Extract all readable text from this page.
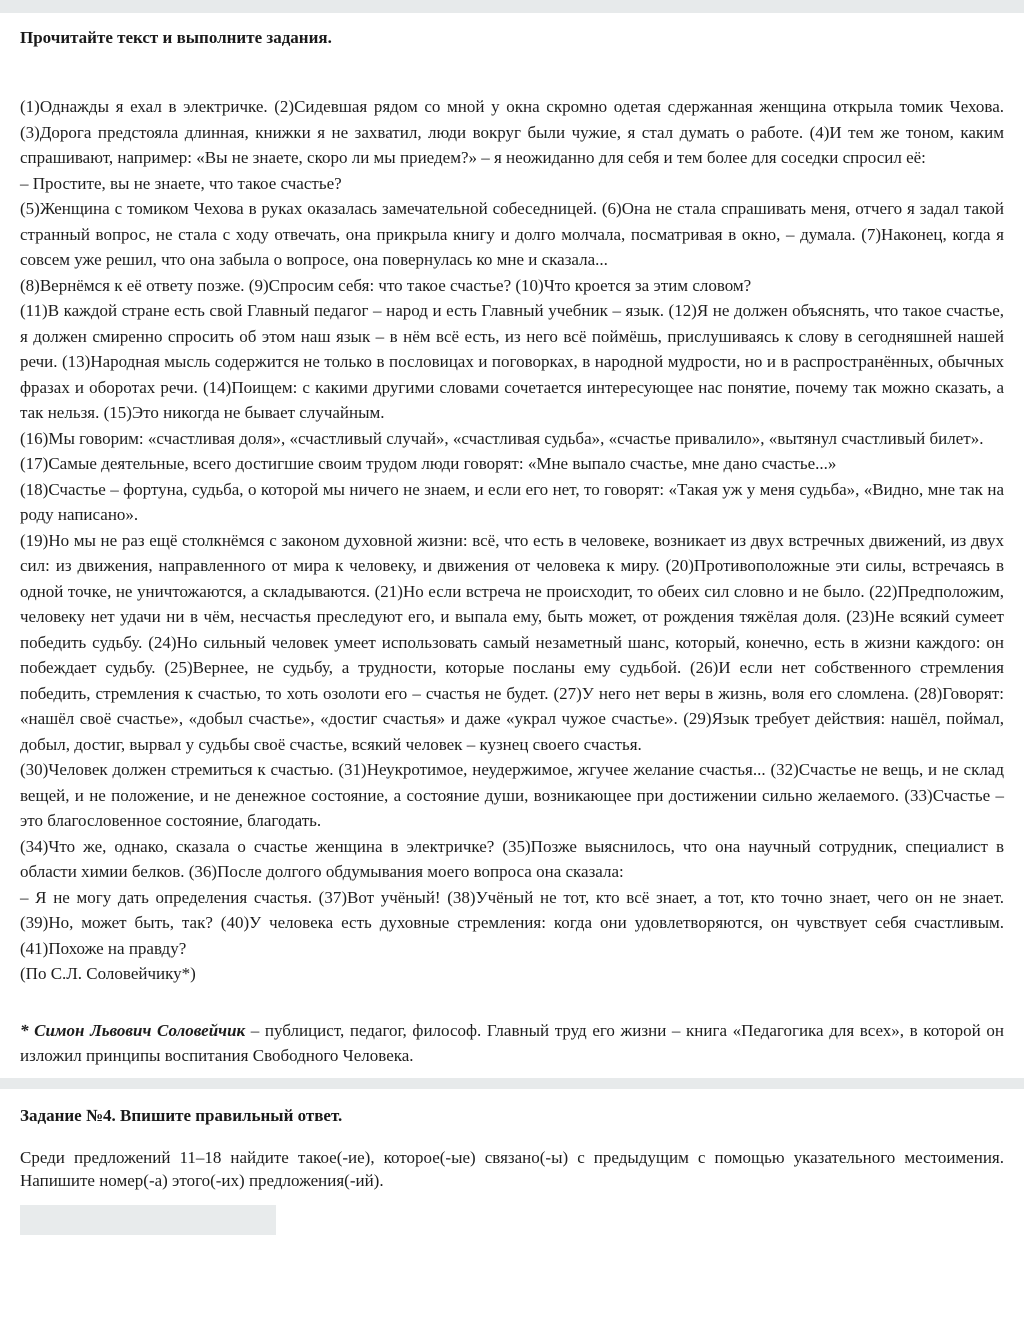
Прочитайте текст и выполните задания.

(1)Однажды я ехал в электричке. (2)Сидевшая рядом со мной у окна скромно одетая сдержанная женщина открыла томик Чехова. (3)Дорога предстояла длинная, книжки я не захватил, люди вокруг были чужие, я стал думать о работе. (4)И тем же тоном, каким спрашивают, например: «Вы не знаете, скоро ли мы приедем?» – я неожиданно для себя и тем более для соседки спросил её:

– Простите, вы не знаете, что такое счастье?

(5)Женщина с томиком Чехова в руках оказалась замечательной собеседницей. (6)Она не стала спрашивать меня, отчего я задал такой странный вопрос, не стала с ходу отвечать, она прикрыла книгу и долго молчала, посматривая в окно, – думала. (7)Наконец, когда я совсем уже решил, что она забыла о вопросе, она повернулась ко мне и сказала...

(8)Вернёмся к её ответу позже. (9)Спросим себя: что такое счастье? (10)Что кроется за этим словом?

(11)В каждой стране есть свой Главный педагог – народ и есть Главный учебник – язык. (12)Я не должен объяснять, что такое счастье, я должен смиренно спросить об этом наш язык – в нём всё есть, из него всё поймёшь, прислушиваясь к слову в сегодняшней нашей речи. (13)Народная мысль содержится не только в пословицах и поговорках, в народной мудрости, но и в распространённых, обычных фразах и оборотах речи. (14)Поищем: с какими другими словами сочетается интересующее нас понятие, почему так можно сказать, а так нельзя. (15)Это никогда не бывает случайным.

(16)Мы говорим: «счастливая доля», «счастливый случай», «счастливая судьба», «счастье привалило», «вытянул счастливый билет».

(17)Самые деятельные, всего достигшие своим трудом люди говорят: «Мне выпало счастье, мне дано счастье...»

(18)Счастье – фортуна, судьба, о которой мы ничего не знаем, и если его нет, то говорят: «Такая уж у меня судьба», «Видно, мне так на роду написано».

(19)Но мы не раз ещё столкнёмся с законом духовной жизни: всё, что есть в человеке, возникает из двух встречных движений, из двух сил: из движения, направленного от мира к человеку, и движения от человека к миру. (20)Противоположные эти силы, встречаясь в одной точке, не уничтожаются, а складываются. (21)Но если встреча не происходит, то обеих сил словно и не было. (22)Предположим, человеку нет удачи ни в чём, несчастья преследуют его, и выпала ему, быть может, от рождения тяжёлая доля. (23)Не всякий сумеет победить судьбу. (24)Но сильный человек умеет использовать самый незаметный шанс, который, конечно, есть в жизни каждого: он побеждает судьбу. (25)Вернее, не судьбу, а трудности, которые посланы ему судьбой. (26)И если нет собственного стремления победить, стремления к счастью, то хоть озолоти его – счастья не будет. (27)У него нет веры в жизнь, воля его сломлена. (28)Говорят: «нашёл своё счастье», «добыл счастье», «достиг счастья» и даже «украл чужое счастье». (29)Язык требует действия: нашёл, поймал, добыл, достиг, вырвал у судьбы своё счастье, всякий человек – кузнец своего счастья.

(30)Человек должен стремиться к счастью. (31)Неукротимое, неудержимое, жгучее желание счастья... (32)Счастье не вещь, и не склад вещей, и не положение, и не денежное состояние, а состояние души, возникающее при достижении сильно желаемого. (33)Счастье – это благословенное состояние, благодать.

(34)Что же, однако, сказала о счастье женщина в электричке? (35)Позже выяснилось, что она научный сотрудник, специалист в области химии белков. (36)После долгого обдумывания моего вопроса она сказала:

– Я не могу дать определения счастья. (37)Вот учёный! (38)Учёный не тот, кто всё знает, а тот, кто точно знает, чего он не знает. (39)Но, может быть, так? (40)У человека есть духовные стремления: когда они удовлетворяются, он чувствует себя счастливым. (41)Похоже на правду?

(По С.Л. Соловейчику*)

* Симон Львович Соловейчик – публицист, педагог, философ. Главный труд его жизни – книга «Педагогика для всех», в которой он изложил принципы воспитания Свободного Человека.

Задание №4. Впишите правильный ответ.

Среди предложений 11–18 найдите такое(-ие), которое(-ые) связано(-ы) с предыдущим с помощью указательного местоимения. Напишите номер(-а) этого(-их) предложения(-ий).
